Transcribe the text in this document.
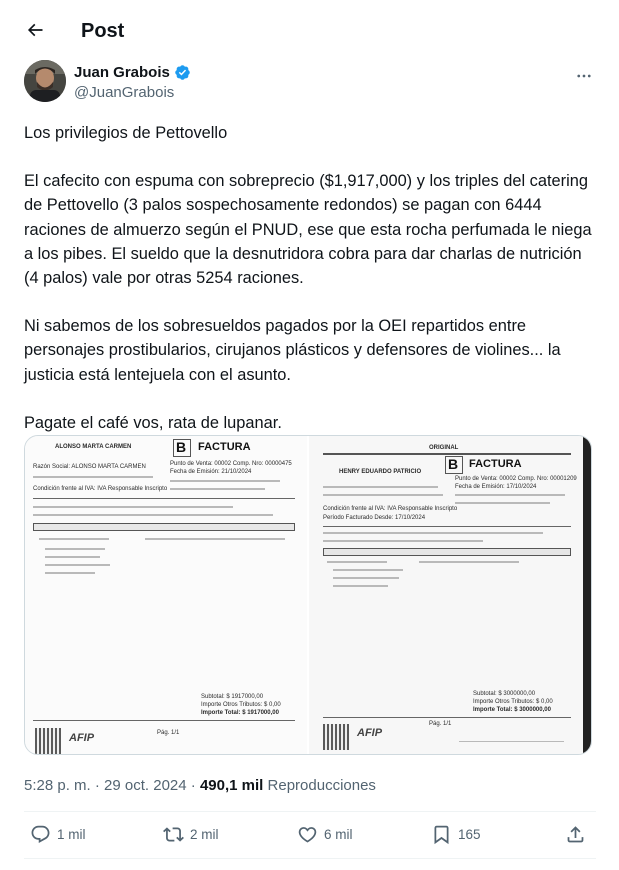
Post
Juan Grabois
@JuanGrabois

Los privilegios de Pettovello

El cafecito con espuma con sobreprecio ($1,917,000) y los triples del catering de Pettovello (3 palos sospechosamente redondos) se pagan con 6444 raciones de almuerzo según el PNUD, ese que esta rocha perfumada le niega a los pibes. El sueldo que la desnutridora cobra para dar charlas de nutrición (4 palos) vale por otras 5254 raciones.

Ni sabemos de los sobresueldos pagados por la OEI repartidos entre personajes prostibularios, cirujanos plásticos y defensores de violines... la justicia está lentejuela con el asunto.

Pagate el café vos, rata de lupanar.

ALONSO MARTA CARMEN	B FACTURA
Punto de Venta: 00002 Comp. Nro: 00000475
Fecha de Emisión: 21/10/2024
Razón Social: ALONSO MARTA CARMEN
Condición frente al IVA: IVA Responsable Inscripto
Subtotal: $ 1917000,00
Importe Otros Tributos: $ 0,00
Importe Total: $ 1917000,00
AFIP	Pág. 1/1
ORIGINAL
B FACTURA
HENRY EDUARDO PATRICIO
Punto de Venta: 00002 Comp. Nro: 00001209
Fecha de Emisión: 17/10/2024
Condición frente al IVA: IVA Responsable Inscripto
Período Facturado Desde: 17/10/2024
Subtotal: $ 3000000,00
Importe Otros Tributos: $ 0,00
Importe Total: $ 3000000,00
AFIP
Pág. 1/1
5:28 p. m. · 29 oct. 2024 · 490,1 mil Reproducciones
1 mil	2 mil	6 mil	165
